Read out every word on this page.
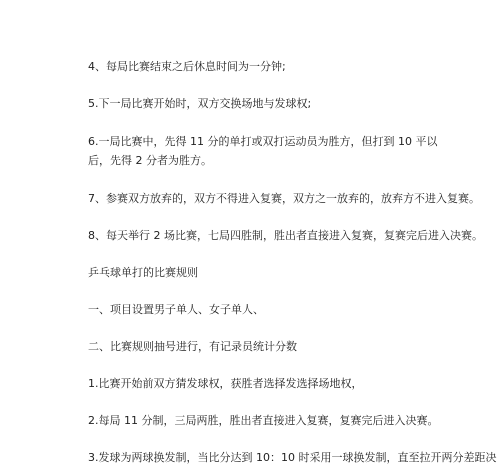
4、每局比赛结束之后休息时间为一分钟;
5.下一局比赛开始时，双方交换场地与发球权;
6.一局比赛中，先得 11 分的单打或双打运动员为胜方，但打到 10 平以后，先得 2 分者为胜方。
7、参赛双方放弃的，双方不得进入复赛，双方之一放弃的，放弃方不进入复赛。
8、每天举行 2 场比赛，七局四胜制，胜出者直接进入复赛，复赛完后进入决赛。
乒乓球单打的比赛规则
一、项目设置男子单人、女子单人、
二、比赛规则抽号进行，有记录员统计分数
1.比赛开始前双方猜发球权，获胜者选择发选择场地权，
2.每局 11 分制，三局两胜，胜出者直接进入复赛，复赛完后进入决赛。
3.发球为两球换发制，当比分达到 10：10 时采用一球换发制，直至拉开两分差距决
